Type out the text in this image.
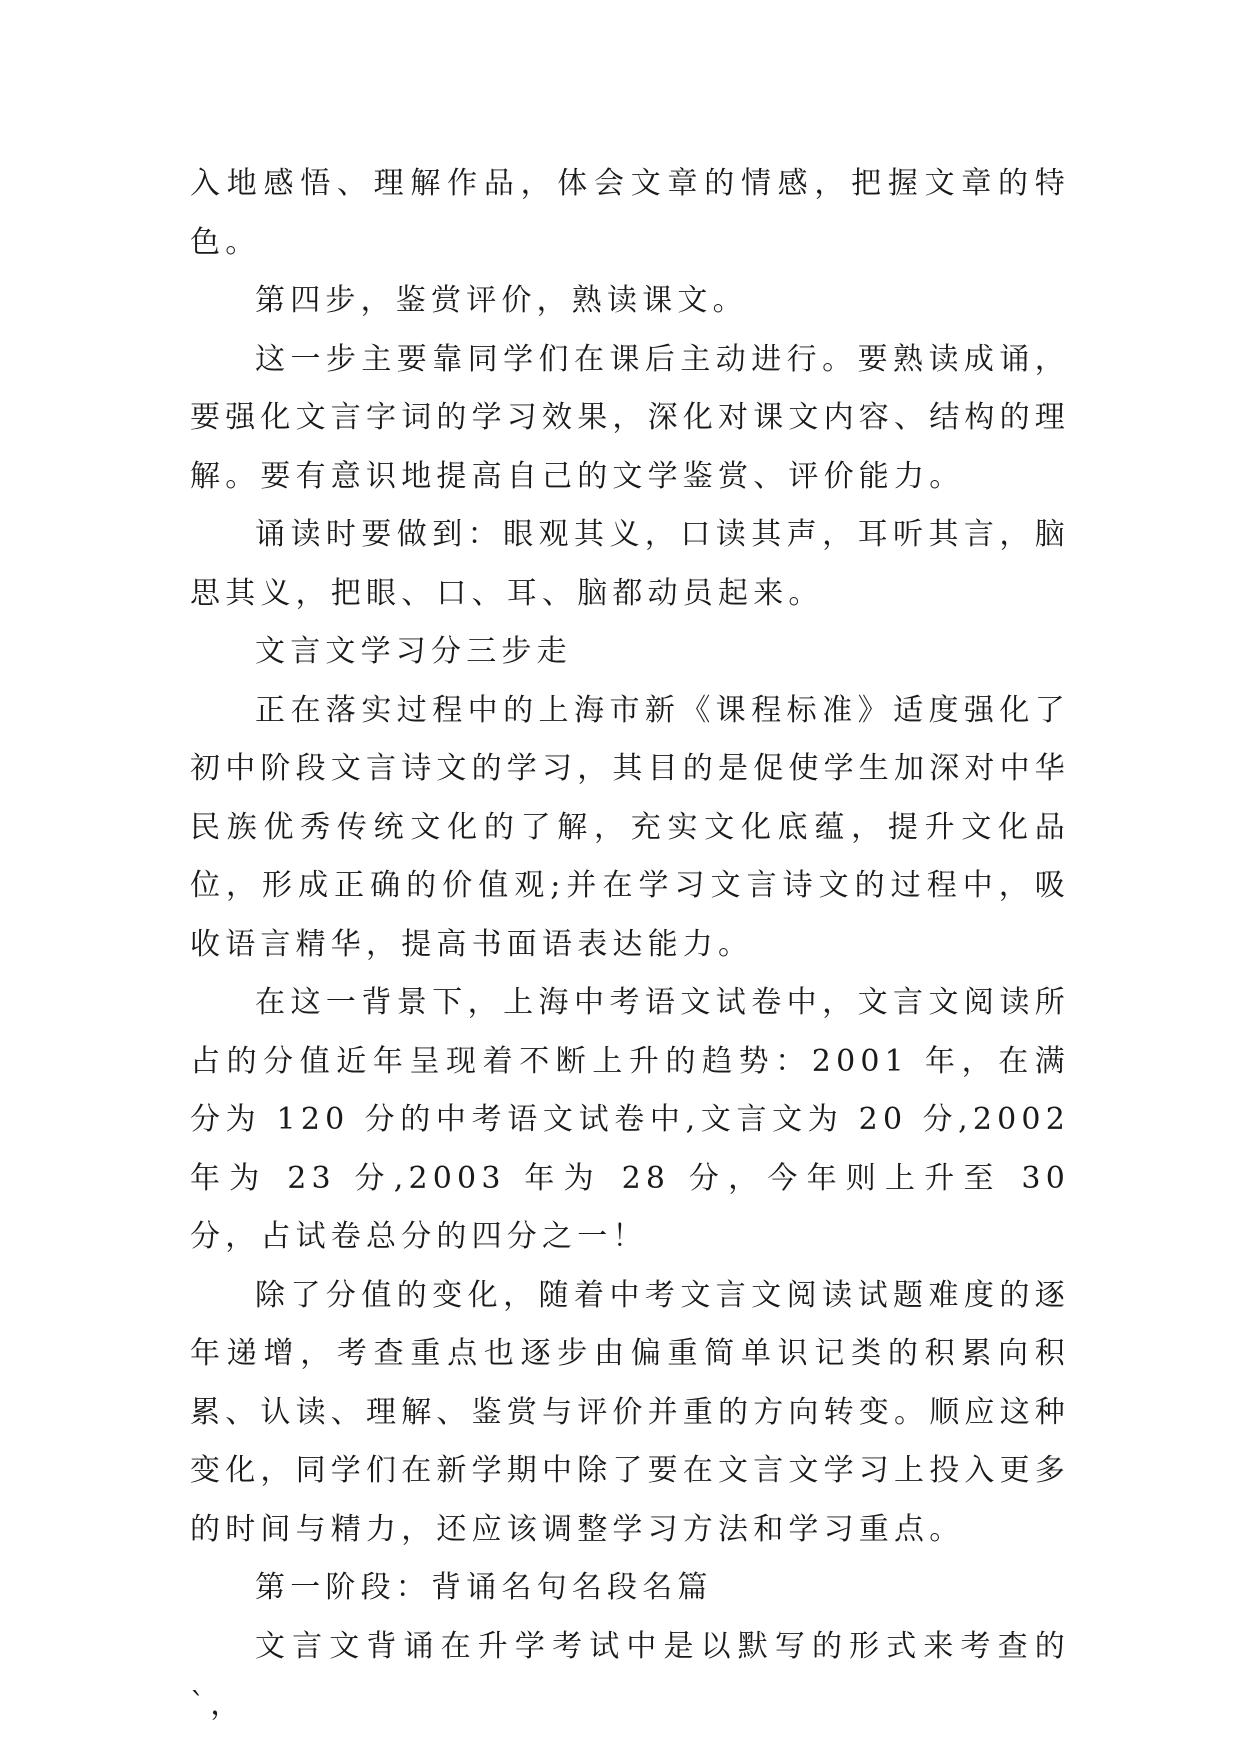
入地感悟、理解作品，体会文章的情感，把握文章的特色。

第四步，鉴赏评价，熟读课文。

这一步主要靠同学们在课后主动进行。要熟读成诵，要强化文言字词的学习效果，深化对课文内容、结构的理解。要有意识地提高自己的文学鉴赏、评价能力。

诵读时要做到：眼观其义，口读其声，耳听其言，脑思其义，把眼、口、耳、脑都动员起来。

文言文学习分三步走

正在落实过程中的上海市新《课程标准》适度强化了初中阶段文言诗文的学习，其目的是促使学生加深对中华民族优秀传统文化的了解，充实文化底蕴，提升文化品位，形成正确的价值观;并在学习文言诗文的过程中，吸收语言精华，提高书面语表达能力。

在这一背景下，上海中考语文试卷中，文言文阅读所占的分值近年呈现着不断上升的趋势：2001 年，在满分为 120 分的中考语文试卷中,文言文为 20 分,2002 年为 23 分,2003 年为 28 分，今年则上升至 30 分，占试卷总分的四分之一！

除了分值的变化，随着中考文言文阅读试题难度的逐年递增，考查重点也逐步由偏重简单识记类的积累向积累、认读、理解、鉴赏与评价并重的方向转变。顺应这种变化，同学们在新学期中除了要在文言文学习上投入更多的时间与精力，还应该调整学习方法和学习重点。

第一阶段：背诵名句名段名篇

文言文背诵在升学考试中是以默写的形式来考查的`，
